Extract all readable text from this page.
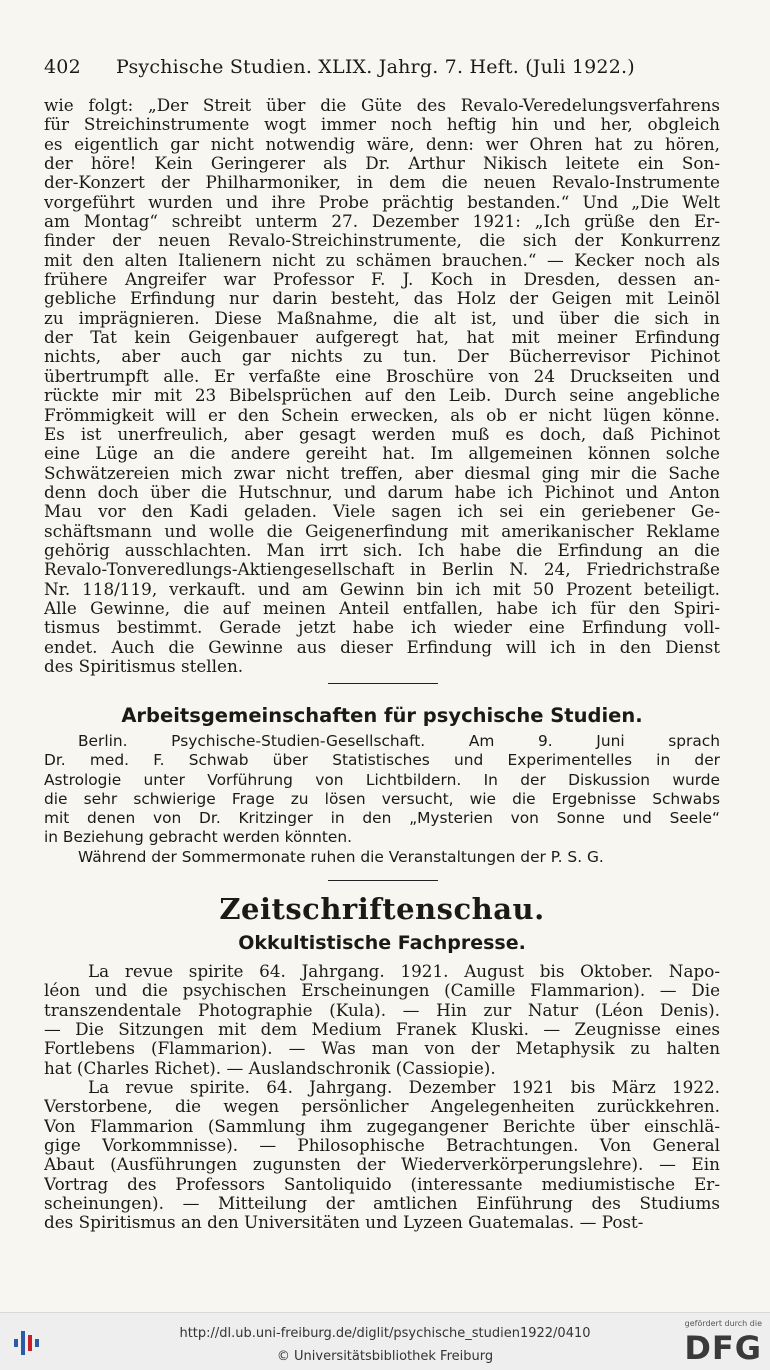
402 Psychische Studien. XLIX. Jahrg. 7. Heft. (Juli 1922.)
wie folgt: „Der Streit über die Güte des Revalo-Veredelungsverfahrens
für Streichinstrumente wogt immer noch heftig hin und her, obgleich
es eigentlich gar nicht notwendig wäre, denn: wer Ohren hat zu hören,
der höre! Kein Geringerer als Dr. Arthur Nikisch leitete ein Son-
der-Konzert der Philharmoniker, in dem die neuen Revalo-Instrumente
vorgeführt wurden und ihre Probe prächtig bestanden.“ Und „Die Welt
am Montag“ schreibt unterm 27. Dezember 1921: „Ich grüße den Er-
finder der neuen Revalo-Streichinstrumente, die sich der Konkurrenz
mit den alten Italienern nicht zu schämen brauchen.“ — Kecker noch als
frühere Angreifer war Professor F. J. Koch in Dresden, dessen an-
gebliche Erfindung nur darin besteht, das Holz der Geigen mit Leinöl
zu imprägnieren. Diese Maßnahme, die alt ist, und über die sich in
der Tat kein Geigenbauer aufgeregt hat, hat mit meiner Erfindung
nichts, aber auch gar nichts zu tun. Der Bücherrevisor Pichinot
übertrumpft alle. Er verfaßte eine Broschüre von 24 Druckseiten und
rückte mir mit 23 Bibelsprüchen auf den Leib. Durch seine angebliche
Frömmigkeit will er den Schein erwecken, als ob er nicht lügen könne.
Es ist unerfreulich, aber gesagt werden muß es doch, daß Pichinot
eine Lüge an die andere gereiht hat. Im allgemeinen können solche
Schwätzereien mich zwar nicht treffen, aber diesmal ging mir die Sache
denn doch über die Hutschnur, und darum habe ich Pichinot und Anton
Mau vor den Kadi geladen. Viele sagen ich sei ein geriebener Ge-
schäftsmann und wolle die Geigenerfindung mit amerikanischer Reklame
gehörig ausschlachten. Man irrt sich. Ich habe die Erfindung an die
Revalo-Tonveredlungs-Aktiengesellschaft in Berlin N. 24, Friedrichstraße
Nr. 118/119, verkauft. und am Gewinn bin ich mit 50 Prozent beteiligt.
Alle Gewinne, die auf meinen Anteil entfallen, habe ich für den Spiri-
tismus bestimmt. Gerade jetzt habe ich wieder eine Erfindung voll-
endet. Auch die Gewinne aus dieser Erfindung will ich in den Dienst
des Spiritismus stellen.
Arbeitsgemeinschaften für psychische Studien.
Berlin. Psychische-Studien-Gesellschaft. Am 9. Juni sprach
Dr. med. F. Schwab über Statistisches und Experimentelles in der
Astrologie unter Vorführung von Lichtbildern. In der Diskussion wurde
die sehr schwierige Frage zu lösen versucht, wie die Ergebnisse Schwabs
mit denen von Dr. Kritzinger in den „Mysterien von Sonne und Seele“
in Beziehung gebracht werden könnten.
Während der Sommermonate ruhen die Veranstaltungen der P. S. G.
Zeitschriftenschau.
Okkultistische Fachpresse.
La revue spirite 64. Jahrgang. 1921. August bis Oktober. Napo-
léon und die psychischen Erscheinungen (Camille Flammarion). — Die
transzendentale Photographie (Kula). — Hin zur Natur (Léon Denis).
— Die Sitzungen mit dem Medium Franek Kluski. — Zeugnisse eines
Fortlebens (Flammarion). — Was man von der Metaphysik zu halten
hat (Charles Richet). — Auslandschronik (Cassiopie).
La revue spirite. 64. Jahrgang. Dezember 1921 bis März 1922.
Verstorbene, die wegen persönlicher Angelegenheiten zurückkehren.
Von Flammarion (Sammlung ihm zugegangener Berichte über einschlä-
gige Vorkommnisse). — Philosophische Betrachtungen. Von General
Abaut (Ausführungen zugunsten der Wiederverkörperungslehre). — Ein
Vortrag des Professors Santoliquido (interessante mediumistische Er-
scheinungen). — Mitteilung der amtlichen Einführung des Studiums
des Spiritismus an den Universitäten und Lyzeen Guatemalas. — Post-
http://dl.ub.uni-freiburg.de/diglit/psychische_studien1922/0410
© Universitätsbibliothek Freiburg
gefördert durch die
DFG
